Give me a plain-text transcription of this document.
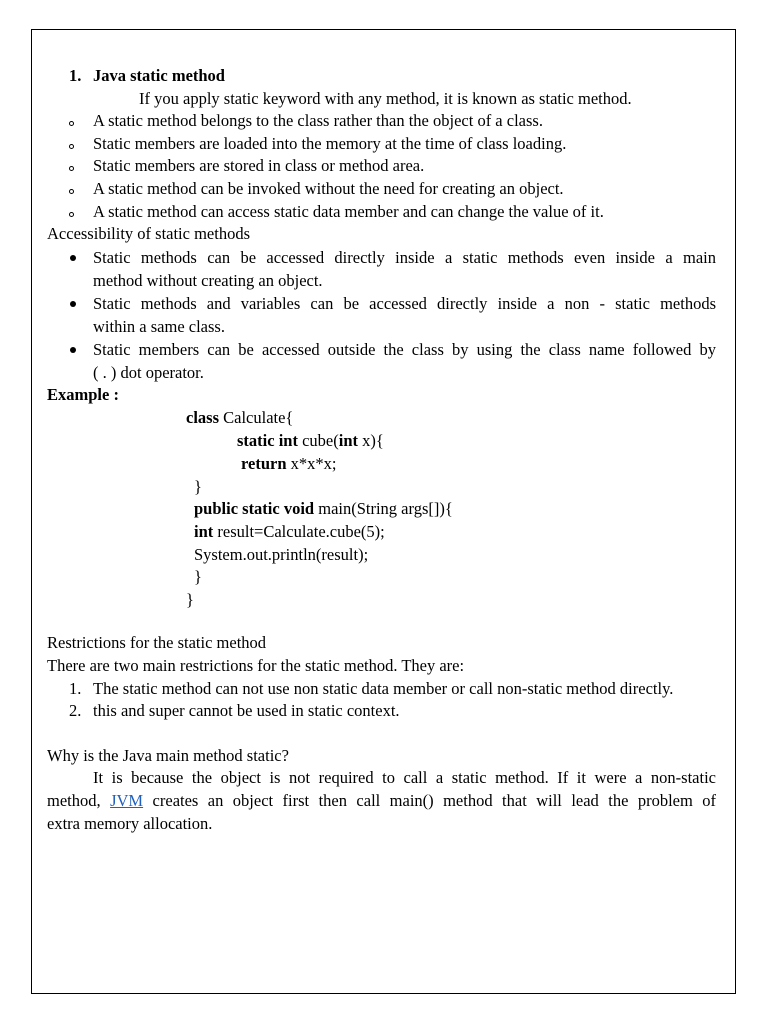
1. Java static method
If you apply static keyword with any method, it is known as static method.
A static method belongs to the class rather than the object of a class.
Static members are loaded into the memory at the time of class loading.
Static members are stored in class or method area.
A static method can be invoked without the need for creating an object.
A static method can access static data member and can change the value of it.
Accessibility of static methods
Static methods can be accessed directly inside a static methods even inside a main
method without creating an object.
Static methods and variables can be accessed directly inside a non - static methods
within a same class.
Static members can be accessed outside the class by using the class name followed by
( . ) dot operator.
Example :
class Calculate{
static int cube(int x){
return x*x*x;
}
public static void main(String args[]){
int result=Calculate.cube(5);
System.out.println(result);
}
}
Restrictions for the static method
There are two main restrictions for the static method. They are:
1. The static method can not use non static data member or call non-static method directly.
2. this and super cannot be used in static context.
Why is the Java main method static?
It is because the object is not required to call a static method. If it were a non-static
method, JVM creates an object first then call main() method that will lead the problem of
extra memory allocation.
